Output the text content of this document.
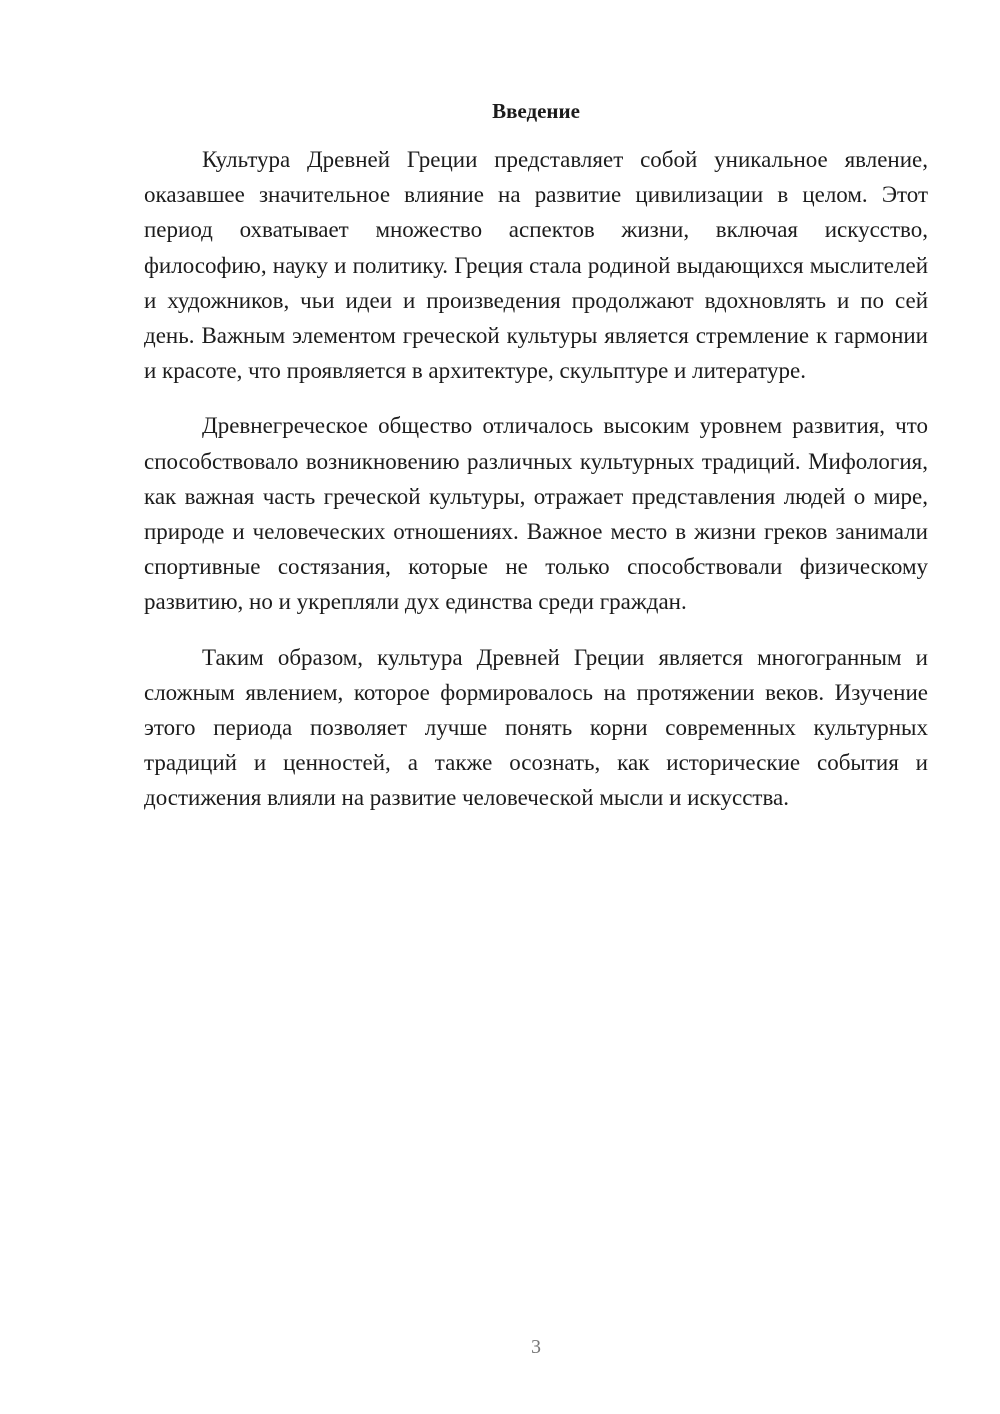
Введение

Культура Древней Греции представляет собой уникальное явление, оказавшее значительное влияние на развитие цивилизации в целом. Этот период охватывает множество аспектов жизни, включая искусство, философию, науку и политику. Греция стала родиной выдающихся мыслителей и художников, чьи идеи и произведения продолжают вдохновлять и по сей день. Важным элементом греческой культуры является стремление к гармонии и красоте, что проявляется в архитектуре, скульптуре и литературе.

Древнегреческое общество отличалось высоким уровнем развития, что способствовало возникновению различных культурных традиций. Мифология, как важная часть греческой культуры, отражает представления людей о мире, природе и человеческих отношениях. Важное место в жизни греков занимали спортивные состязания, которые не только способствовали физическому развитию, но и укрепляли дух единства среди граждан.

Таким образом, культура Древней Греции является многогранным и сложным явлением, которое формировалось на протяжении веков. Изучение этого периода позволяет лучше понять корни современных культурных традиций и ценностей, а также осознать, как исторические события и достижения влияли на развитие человеческой мысли и искусства.

3
